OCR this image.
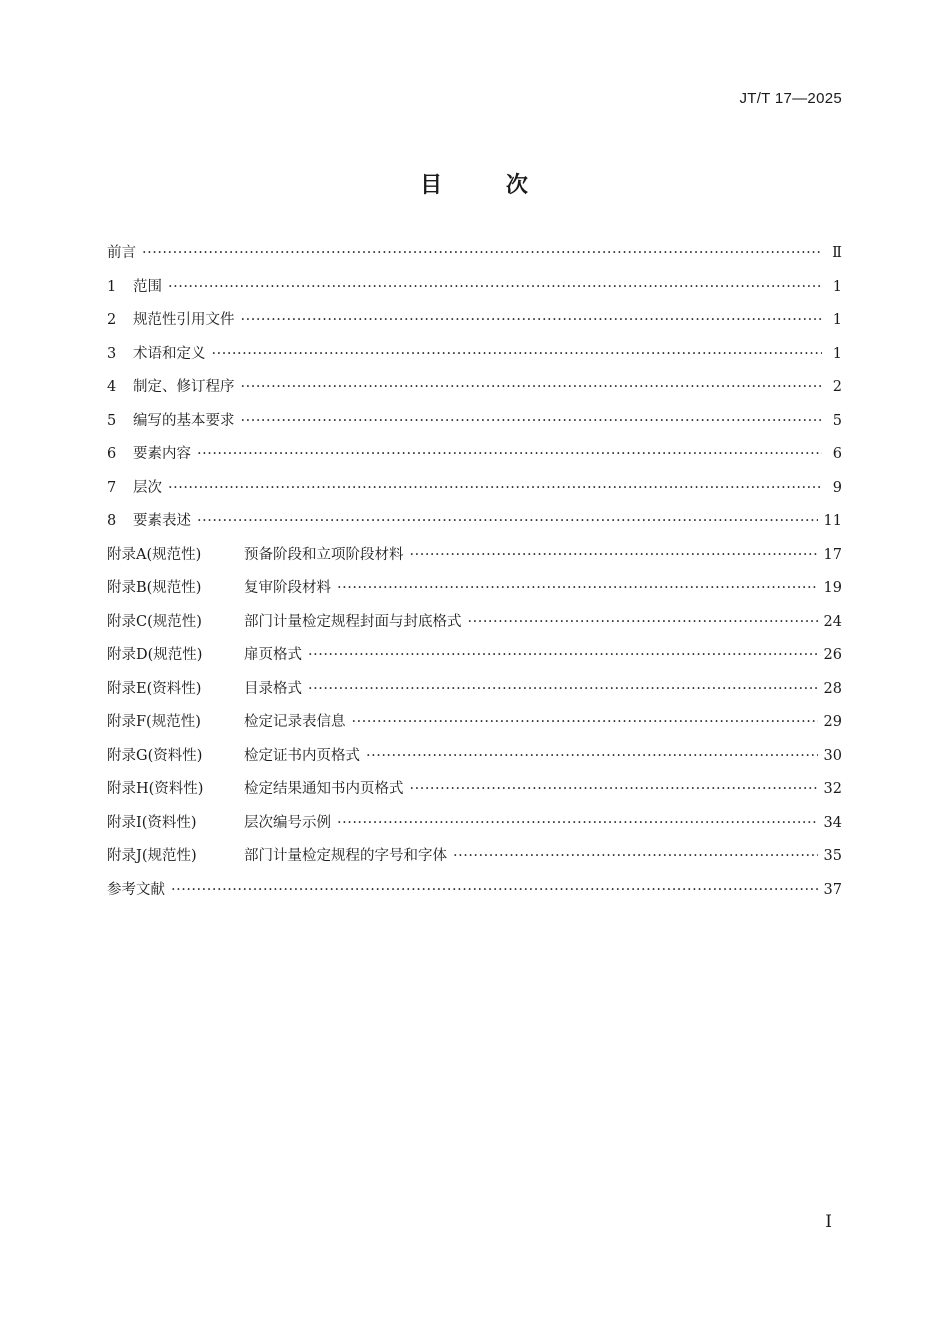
JT/T 17—2025
目 次
前言 ·····	Ⅱ
1 范围 ·····	1
2 规范性引用文件 ·····	1
3 术语和定义 ·····	1
4 制定、修订程序 ·····	2
5 编写的基本要求 ·····	5
6 要素内容 ·····	6
7 层次 ·····	9
8 要素表述 ·····	11
附录A(规范性)	预备阶段和立项阶段材料 ·····	17
附录B(规范性)	复审阶段材料 ·····	19
附录C(规范性)	部门计量检定规程封面与封底格式 ·····	24
附录D(规范性)	扉页格式 ·····	26
附录E(资料性)	目录格式 ·····	28
附录F(规范性)	检定记录表信息 ·····	29
附录G(资料性)	检定证书内页格式 ·····	30
附录H(资料性)	检定结果通知书内页格式 ·····	32
附录I(资料性)	层次编号示例 ·····	34
附录J(规范性)	部门计量检定规程的字号和字体 ·····	35
参考文献 ·····	37
I
